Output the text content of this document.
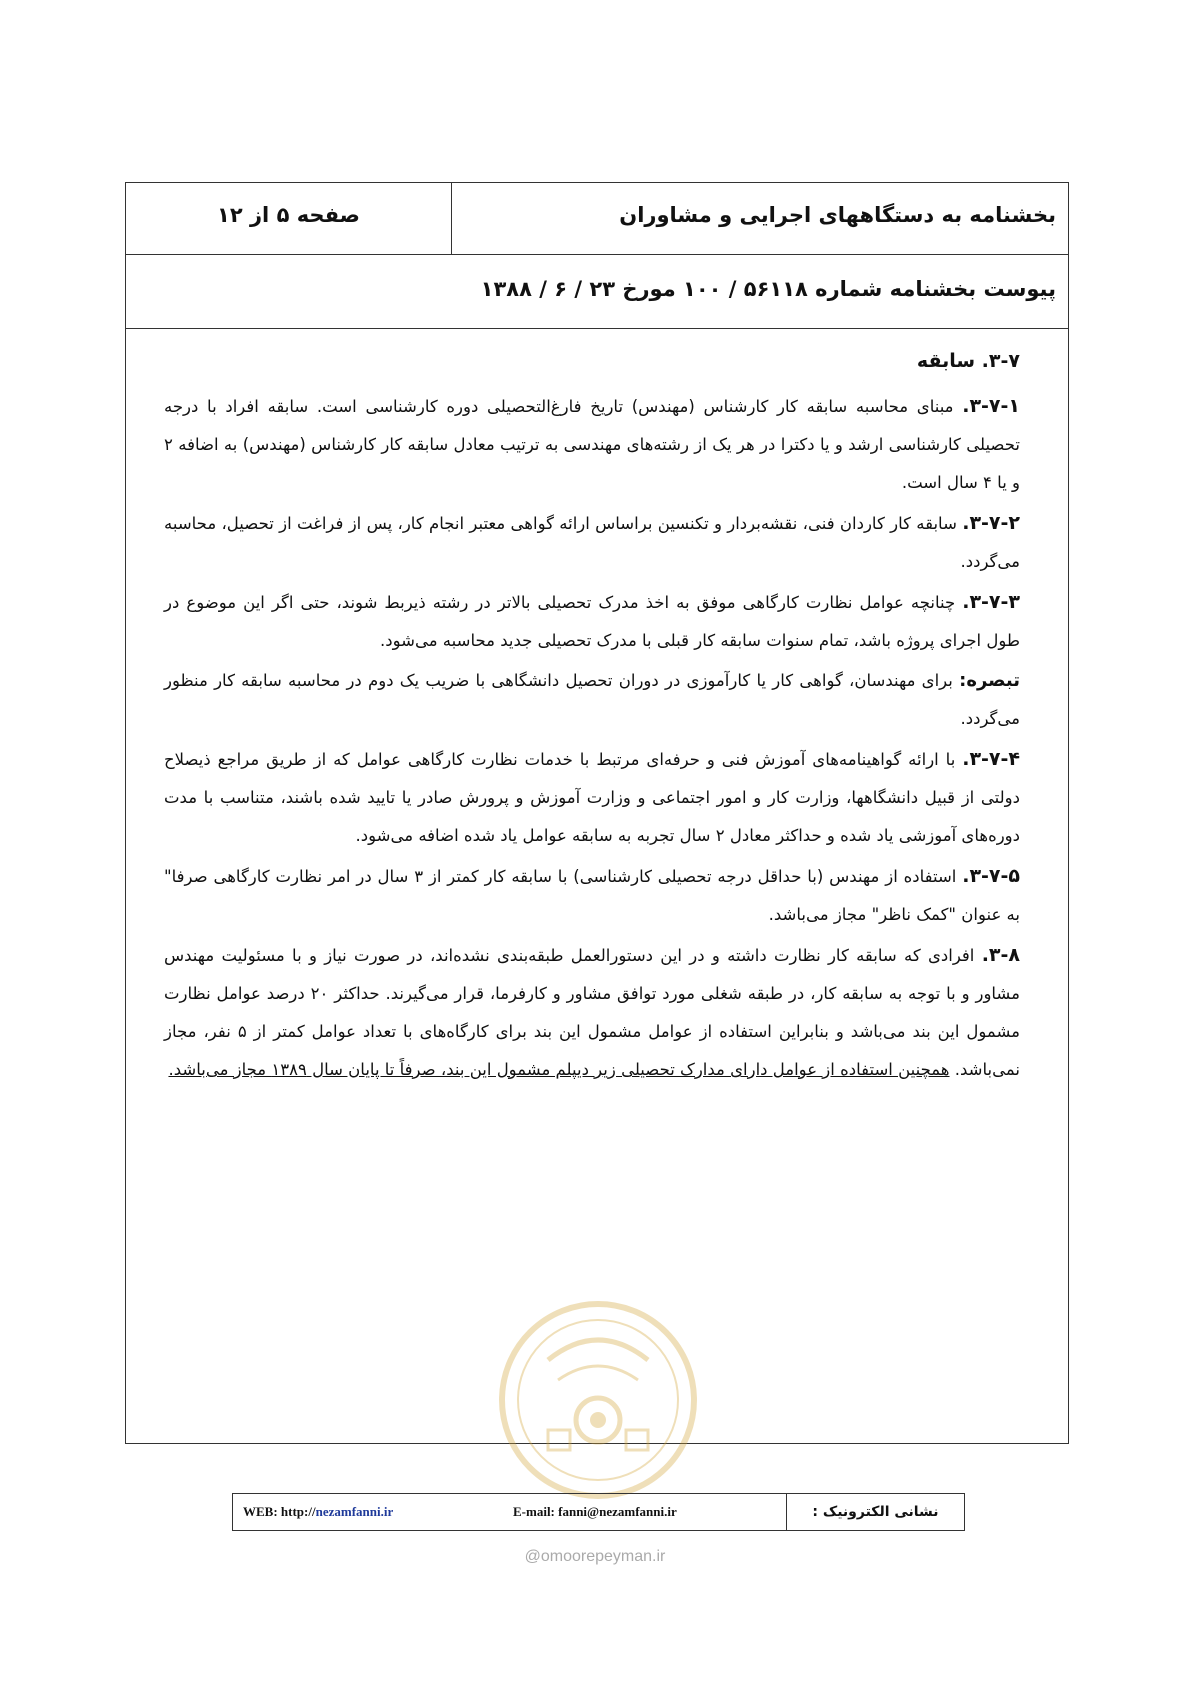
بخشنامه به دستگاههای اجرایی و مشاوران
صفحه ۵ از ۱۲
پیوست بخشنامه شماره ۵۶۱۱۸ / ۱۰۰ مورخ ۲۳ / ۶ / ۱۳۸۸
۳-۷. سابقه

۳-۷-۱. مبنای محاسبه سابقه کار کارشناس (مهندس) تاریخ فارغ‌التحصیلی دوره کارشناسی است. سابقه افراد با درجه تحصیلی کارشناسی ارشد و یا دکترا در هر یک از رشته‌های مهندسی به ترتیب معادل سابقه کار کارشناس (مهندس) به اضافه ۲ و یا ۴ سال است.

۳-۷-۲. سابقه کار کاردان فنی، نقشه‌بردار و تکنسین براساس ارائه گواهی معتبر انجام کار، پس از فراغت از تحصیل، محاسبه می‌گردد.

۳-۷-۳. چنانچه عوامل نظارت کارگاهی موفق به اخذ مدرک تحصیلی بالاتر در رشته ذیربط شوند، حتی اگر این موضوع در طول اجرای پروژه باشد، تمام سنوات سابقه کار قبلی با مدرک تحصیلی جدید محاسبه می‌شود.

تبصره: برای مهندسان، گواهی کار یا کارآموزی در دوران تحصیل دانشگاهی با ضریب یک دوم در محاسبه سابقه کار منظور می‌گردد.

۳-۷-۴. با ارائه گواهینامه‌های آموزش فنی و حرفه‌ای مرتبط با خدمات نظارت کارگاهی عوامل که از طریق مراجع ذیصلاح دولتی از قبیل دانشگاهها، وزارت کار و امور اجتماعی و وزارت آموزش و پرورش صادر یا تایید شده باشند، متناسب با مدت دوره‌های آموزشی یاد شده و حداکثر معادل ۲ سال تجربه به سابقه عوامل یاد شده اضافه می‌شود.

۳-۷-۵. استفاده از مهندس (با حداقل درجه تحصیلی کارشناسی) با سابقه کار کمتر از ۳ سال در امر نظارت کارگاهی صرفا" به عنوان "کمک ناظر" مجاز می‌باشد.

۳-۸. افرادی که سابقه کار نظارت داشته و در این دستورالعمل طبقه‌بندی نشده‌اند، در صورت نیاز و با مسئولیت مهندس مشاور و با توجه به سابقه کار، در طبقه شغلی مورد توافق مشاور و کارفرما، قرار می‌گیرند. حداکثر ۲۰ درصد عوامل نظارت مشمول این بند می‌باشد و بنابراین استفاده از عوامل مشمول این بند برای کارگاه‌های با تعداد عوامل کمتر از ۵ نفر، مجاز نمی‌باشد. همچنین استفاده از عوامل دارای مدارک تحصیلی زیر دیپلم مشمول این بند، صرفاً تا پایان سال ۱۳۸۹ مجاز می‌باشد.

نشانی الکترونیک :
WEB: http://nezamfanni.ir	E-mail: fanni@nezamfanni.ir
@omoorepeyman.ir
